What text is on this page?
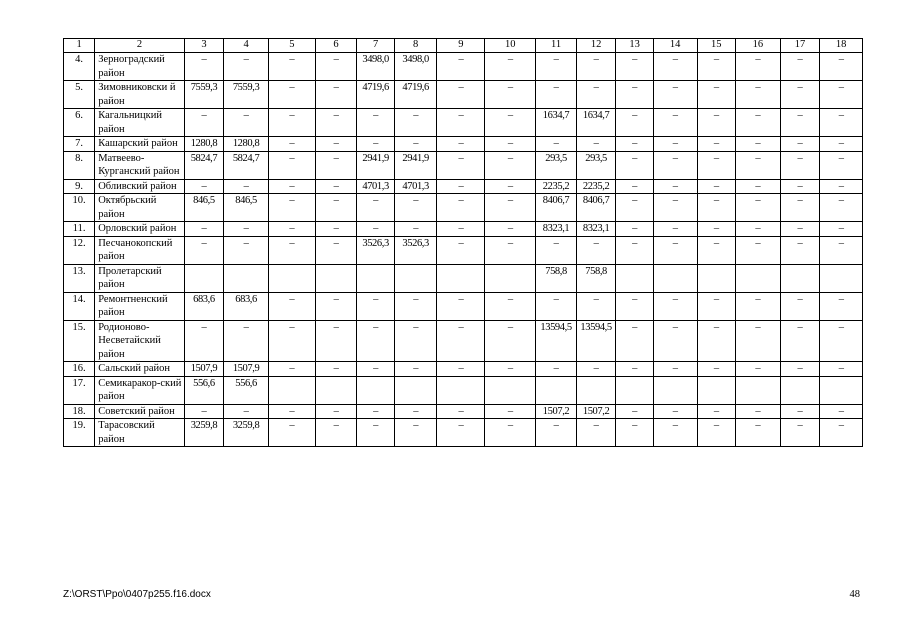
1	2	3	4	5	6	7	8	9	10	11	12	13	14	15	16	17	18
4.	Зерноградский район	–	–	–	–	3498,0	3498,0	–	–	–	–	–	–	–	–	–	–
5.	Зимовниковски й район	7559,3	7559,3	–	–	4719,6	4719,6	–	–	–	–	–	–	–	–	–	–
6.	Кагальницкий район	–	–	–	–	–	–	–	–	1634,7	1634,7	–	–	–	–	–	–
7.	Кашарский район	1280,8	1280,8	–	–	–	–	–	–	–	–	–	–	–	–	–	–
8.	Матвеево-Курганский район	5824,7	5824,7	–	–	2941,9	2941,9	–	–	293,5	293,5	–	–	–	–	–	–
9.	Обливский район	–	–	–	–	4701,3	4701,3	–	–	2235,2	2235,2	–	–	–	–	–	–
10.	Октябрьский район	846,5	846,5	–	–	–	–	–	–	8406,7	8406,7	–	–	–	–	–	–
11.	Орловский район	–	–	–	–	–	–	–	–	8323,1	8323,1	–	–	–	–	–	–
12.	Песчанокопский район	–	–	–	–	3526,3	3526,3	–	–	–	–	–	–	–	–	–	–
13.	Пролетарский район									758,8	758,8						
14.	Ремонтненский район	683,6	683,6	–	–	–	–	–	–	–	–	–	–	–	–	–	–
15.	Родионово-Несветайский район	–	–	–	–	–	–	–	–	13594,5	13594,5	–	–	–	–	–	–
16.	Сальский район	1507,9	1507,9	–	–	–	–	–	–	–	–	–	–	–	–	–	–
17.	Семикаракор-ский район	556,6	556,6														
18.	Советский район	–	–	–	–	–	–	–	–	1507,2	1507,2	–	–	–	–	–	–
19.	Тарасовский район	3259,8	3259,8	–	–	–	–	–	–	–	–	–	–	–	–	–	–
Z:\ORST\Ppo\0407p255.f16.docx	48
